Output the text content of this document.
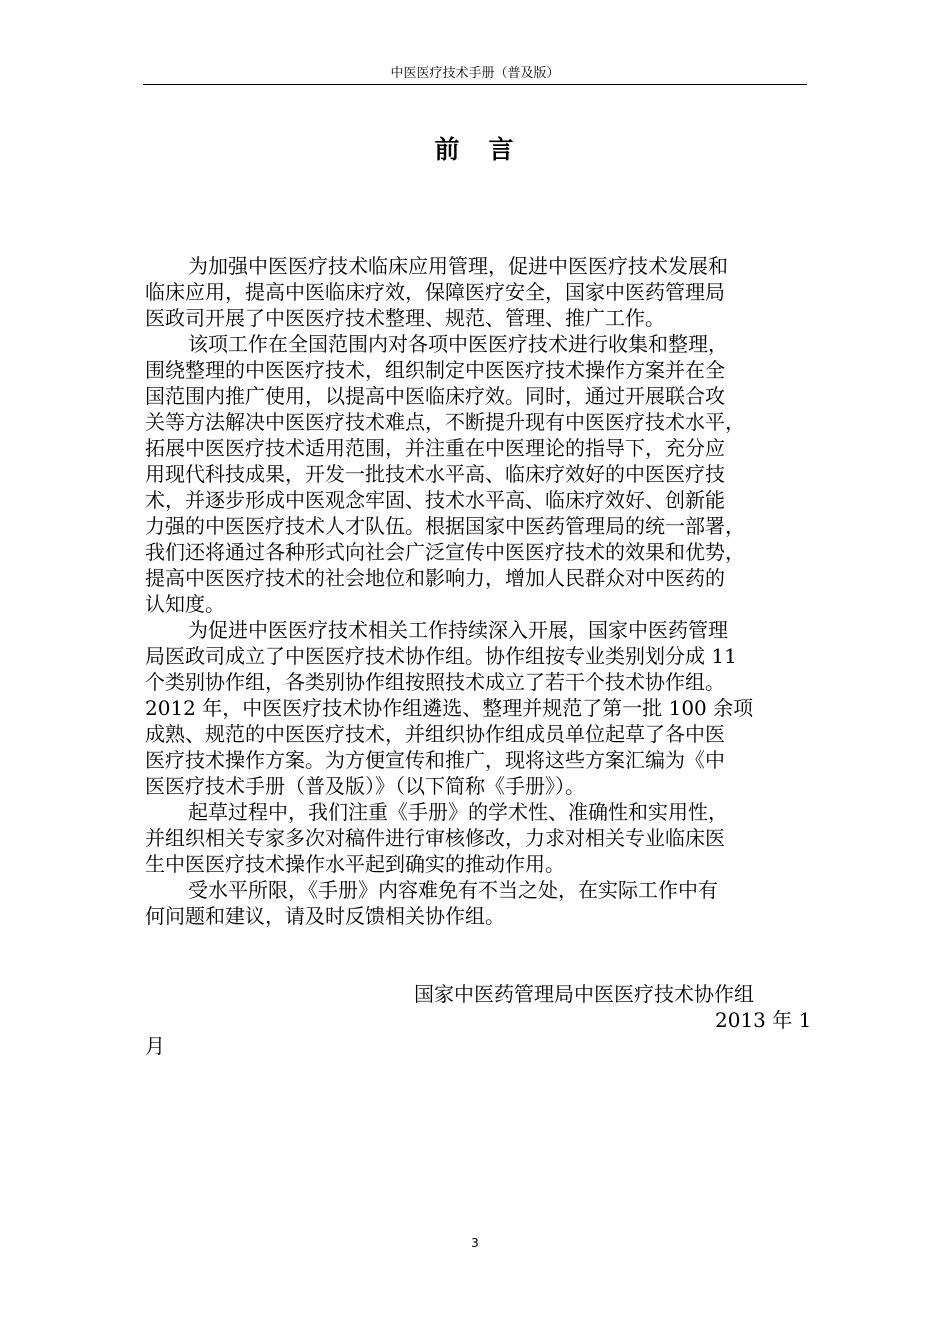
中医医疗技术手册（普及版）
前　言
为加强中医医疗技术临床应用管理，促进中医医疗技术发展和
临床应用，提高中医临床疗效，保障医疗安全，国家中医药管理局
医政司开展了中医医疗技术整理、规范、管理、推广工作。
该项工作在全国范围内对各项中医医疗技术进行收集和整理，
围绕整理的中医医疗技术，组织制定中医医疗技术操作方案并在全
国范围内推广使用，以提高中医临床疗效。同时，通过开展联合攻
关等方法解决中医医疗技术难点，不断提升现有中医医疗技术水平，
拓展中医医疗技术适用范围，并注重在中医理论的指导下，充分应
用现代科技成果，开发一批技术水平高、临床疗效好的中医医疗技
术，并逐步形成中医观念牢固、技术水平高、临床疗效好、创新能
力强的中医医疗技术人才队伍。根据国家中医药管理局的统一部署，
我们还将通过各种形式向社会广泛宣传中医医疗技术的效果和优势，
提高中医医疗技术的社会地位和影响力，增加人民群众对中医药的
认知度。
为促进中医医疗技术相关工作持续深入开展，国家中医药管理
局医政司成立了中医医疗技术协作组。协作组按专业类别划分成 11
个类别协作组，各类别协作组按照技术成立了若干个技术协作组。
2012 年，中医医疗技术协作组遴选、整理并规范了第一批 100 余项
成熟、规范的中医医疗技术，并组织协作组成员单位起草了各中医
医疗技术操作方案。为方便宣传和推广，现将这些方案汇编为《中
医医疗技术手册（普及版）》（以下简称《手册》）。
起草过程中，我们注重《手册》的学术性、准确性和实用性，
并组织相关专家多次对稿件进行审核修改，力求对相关专业临床医
生中医医疗技术操作水平起到确实的推动作用。
受水平所限，《手册》内容难免有不当之处，在实际工作中有
何问题和建议，请及时反馈相关协作组。
国家中医药管理局中医医疗技术协作组
2013 年 1
月
3
